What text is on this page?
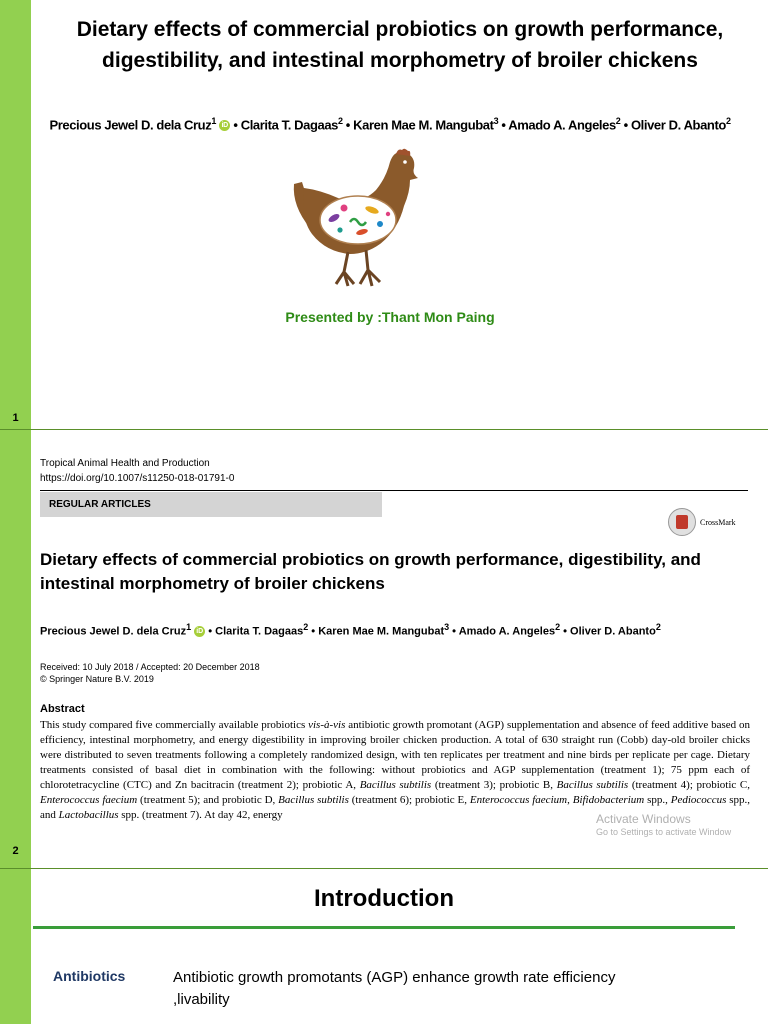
1
Dietary effects of commercial probiotics on growth performance, digestibility, and intestinal morphometry of broiler chickens
Precious Jewel D. dela Cruz$^1$ iD • Clarita T. Dagaas$^2$ • Karen Mae M. Mangubat$^3$ • Amado A. Angeles$^2$ • Oliver D. Abanto$^2$
Presented by :Thant Mon Paing
2
Tropical Animal Health and Production
https://doi.org/10.1007/s11250-018-01791-0
REGULAR ARTICLES
CrossMark
Dietary effects of commercial probiotics on growth performance, digestibility, and intestinal morphometry of broiler chickens
Precious Jewel D. dela Cruz$^1$ iD • Clarita T. Dagaas$^2$ • Karen Mae M. Mangubat$^3$ • Amado A. Angeles$^2$ • Oliver D. Abanto$^2$
Received: 10 July 2018 / Accepted: 20 December 2018
© Springer Nature B.V. 2019
Abstract
This study compared five commercially available probiotics vis-à-vis antibiotic growth promotant (AGP) supplementation and absence of feed additive based on efficiency, intestinal morphometry, and energy digestibility in improving broiler chicken production. A total of 630 straight run (Cobb) day-old broiler chicks were distributed to seven treatments following a completely randomized design, with ten replicates per treatment and nine birds per replicate per cage. Dietary treatments consisted of basal diet in combination with the following: without probiotics and AGP supplementation (treatment 1); 75 ppm each of chlorotetracycline (CTC) and Zn bacitracin (treatment 2); probiotic A, Bacillus subtilis (treatment 3); probiotic B, Bacillus subtilis (treatment 4); probiotic C, Enterococcus faecium (treatment 5); and probiotic D, Bacillus subtilis (treatment 6); probiotic E, Enterococcus faecium, Bifidobacterium spp., Pediococcus spp., and Lactobacillus spp. (treatment 7). At day 42, energy	Activate Windows
Go to Settings to activate Window
Introduction
Antibiotics	Antibiotic growth promotants (AGP) enhance growth rate efficiency ,livability
